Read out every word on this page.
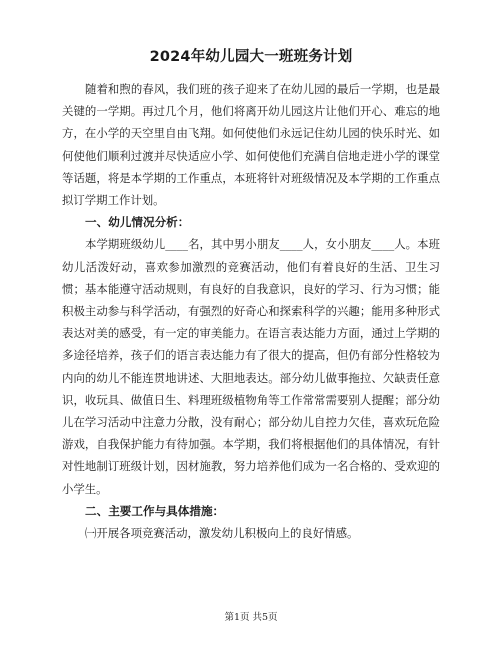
2024年幼儿园大一班班务计划

随着和煦的春风，我们班的孩子迎来了在幼儿园的最后一学期，也是最关键的一学期。再过几个月，他们将离开幼儿园这片让他们开心、难忘的地方，在小学的天空里自由飞翔。如何使他们永远记住幼儿园的快乐时光、如何使他们顺利过渡并尽快适应小学、如何使他们充满自信地走进小学的课堂等话题，将是本学期的工作重点，本班将针对班级情况及本学期的工作重点拟订学期工作计划。

一、幼儿情况分析：

本学期班级幼儿____名，其中男小朋友____人，女小朋友____人。本班幼儿活泼好动，喜欢参加激烈的竞赛活动，他们有着良好的生活、卫生习惯；基本能遵守活动规则，有良好的自我意识，良好的学习、行为习惯；能积极主动参与科学活动，有强烈的好奇心和探索科学的兴趣；能用多种形式表达对美的感受，有一定的审美能力。在语言表达能力方面，通过上学期的多途径培养，孩子们的语言表达能力有了很大的提高，但仍有部分性格较为内向的幼儿不能连贯地讲述、大胆地表达。部分幼儿做事拖拉、欠缺责任意识，收玩具、做值日生、料理班级植物角等工作常常需要别人提醒；部分幼儿在学习活动中注意力分散，没有耐心；部分幼儿自控力欠佳，喜欢玩危险游戏，自我保护能力有待加强。本学期，我们将根据他们的具体情况，有针对性地制订班级计划，因材施教，努力培养他们成为一名合格的、受欢迎的小学生。

二、主要工作与具体措施：

㈠开展各项竞赛活动，激发幼儿积极向上的良好情感。

第1页 共5页
